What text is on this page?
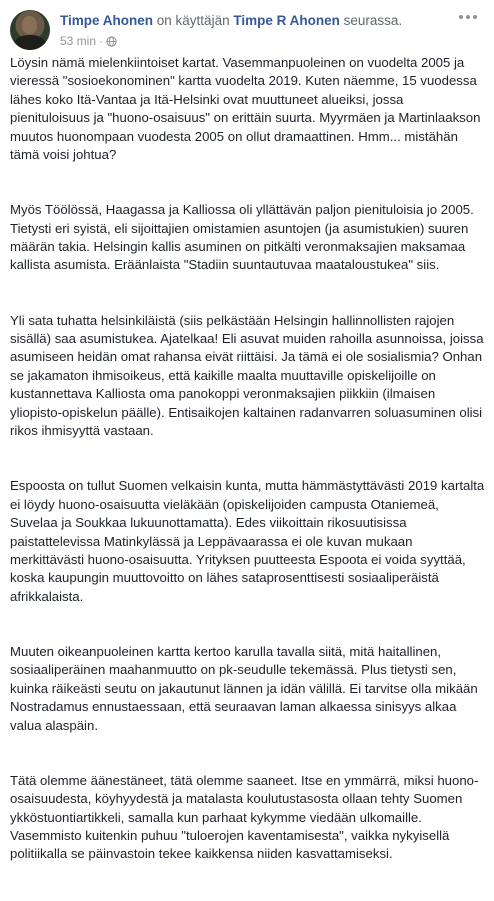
Timpe Ahonen on käyttäjän Timpe R Ahonen seurassa.
53 min ·

Löysin nämä mielenkiintoiset kartat. Vasemmanpuoleinen on vuodelta 2005 ja vieressä "sosioekonominen" kartta vuodelta 2019. Kuten näemme, 15 vuodessa lähes koko Itä-Vantaa ja Itä-Helsinki ovat muuttuneet alueiksi, jossa pienituloisuus ja "huono-osaisuus" on erittäin suurta. Myyrmäen ja Martinlaakson muutos huonompaan vuodesta 2005 on ollut dramaattinen. Hmm... mistähän tämä voisi johtua?

Myös Töölössä, Haagassa ja Kalliossa oli yllättävän paljon pienituloisia jo 2005. Tietysti eri syistä, eli sijoittajien omistamien asuntojen (ja asumistukien) suuren määrän takia. Helsingin kallis asuminen on pitkälti veronmaksajien maksamaa kallista asumista. Eräänlaista "Stadiin suuntautuvaa maataloustukea" siis.

Yli sata tuhatta helsinkiläistä (siis pelkästään Helsingin hallinnollisten rajojen sisällä) saa asumistukea. Ajatelkaa! Eli asuvat muiden rahoilla asunnoissa, joissa asumiseen heidän omat rahansa eivät riittäisi. Ja tämä ei ole sosialismia? Onhan se jakamaton ihmisoikeus, että kaikille maalta muuttaville opiskelijoille on kustannettava Kalliosta oma panokoppi veronmaksajien piikkiin (ilmaisen yliopisto-opiskelun päälle). Entisaikojen kaltainen radanvarren soluasuminen olisi rikos ihmisyyttä vastaan.

Espoosta on tullut Suomen velkaisin kunta, mutta hämmästyttävästi 2019 kartalta ei löydy huono-osaisuutta vieläkään (opiskelijoiden campusta Otaniemeä, Suvelaa ja Soukkaa lukuunottamatta). Edes viikoittain rikosuutisissa paistattelevissa Matinkylässä ja Leppävaarassa ei ole kuvan mukaan merkittävästi huono-osaisuutta. Yrityksen puutteesta Espoota ei voida syyttää, koska kaupungin muuttovoitto on lähes sataprosenttisesti sosiaaliperäistä afrikkalaista.

Muuten oikeanpuoleinen kartta kertoo karulla tavalla siitä, mitä haitallinen, sosiaaliperäinen maahanmuutto on pk-seudulle tekemässä. Plus tietysti sen, kuinka räikeästi seutu on jakautunut lännen ja idän välillä. Ei tarvitse olla mikään Nostradamus ennustaessaan, että seuraavan laman alkaessa sinisyys alkaa valua alaspäin.

Tätä olemme äänestäneet, tätä olemme saaneet. Itse en ymmärrä, miksi huono-osaisuudesta, köyhyydestä ja matalasta koulutustasosta ollaan tehty Suomen ykköstuontiartikkeli, samalla kun parhaat kykymme viedään ulkomaille. Vasemmisto kuitenkin puhuu "tuloerojen kaventamisesta", vaikka nykyisellä politiikalla se päinvastoin tekee kaikkensa niiden kasvattamiseksi.
